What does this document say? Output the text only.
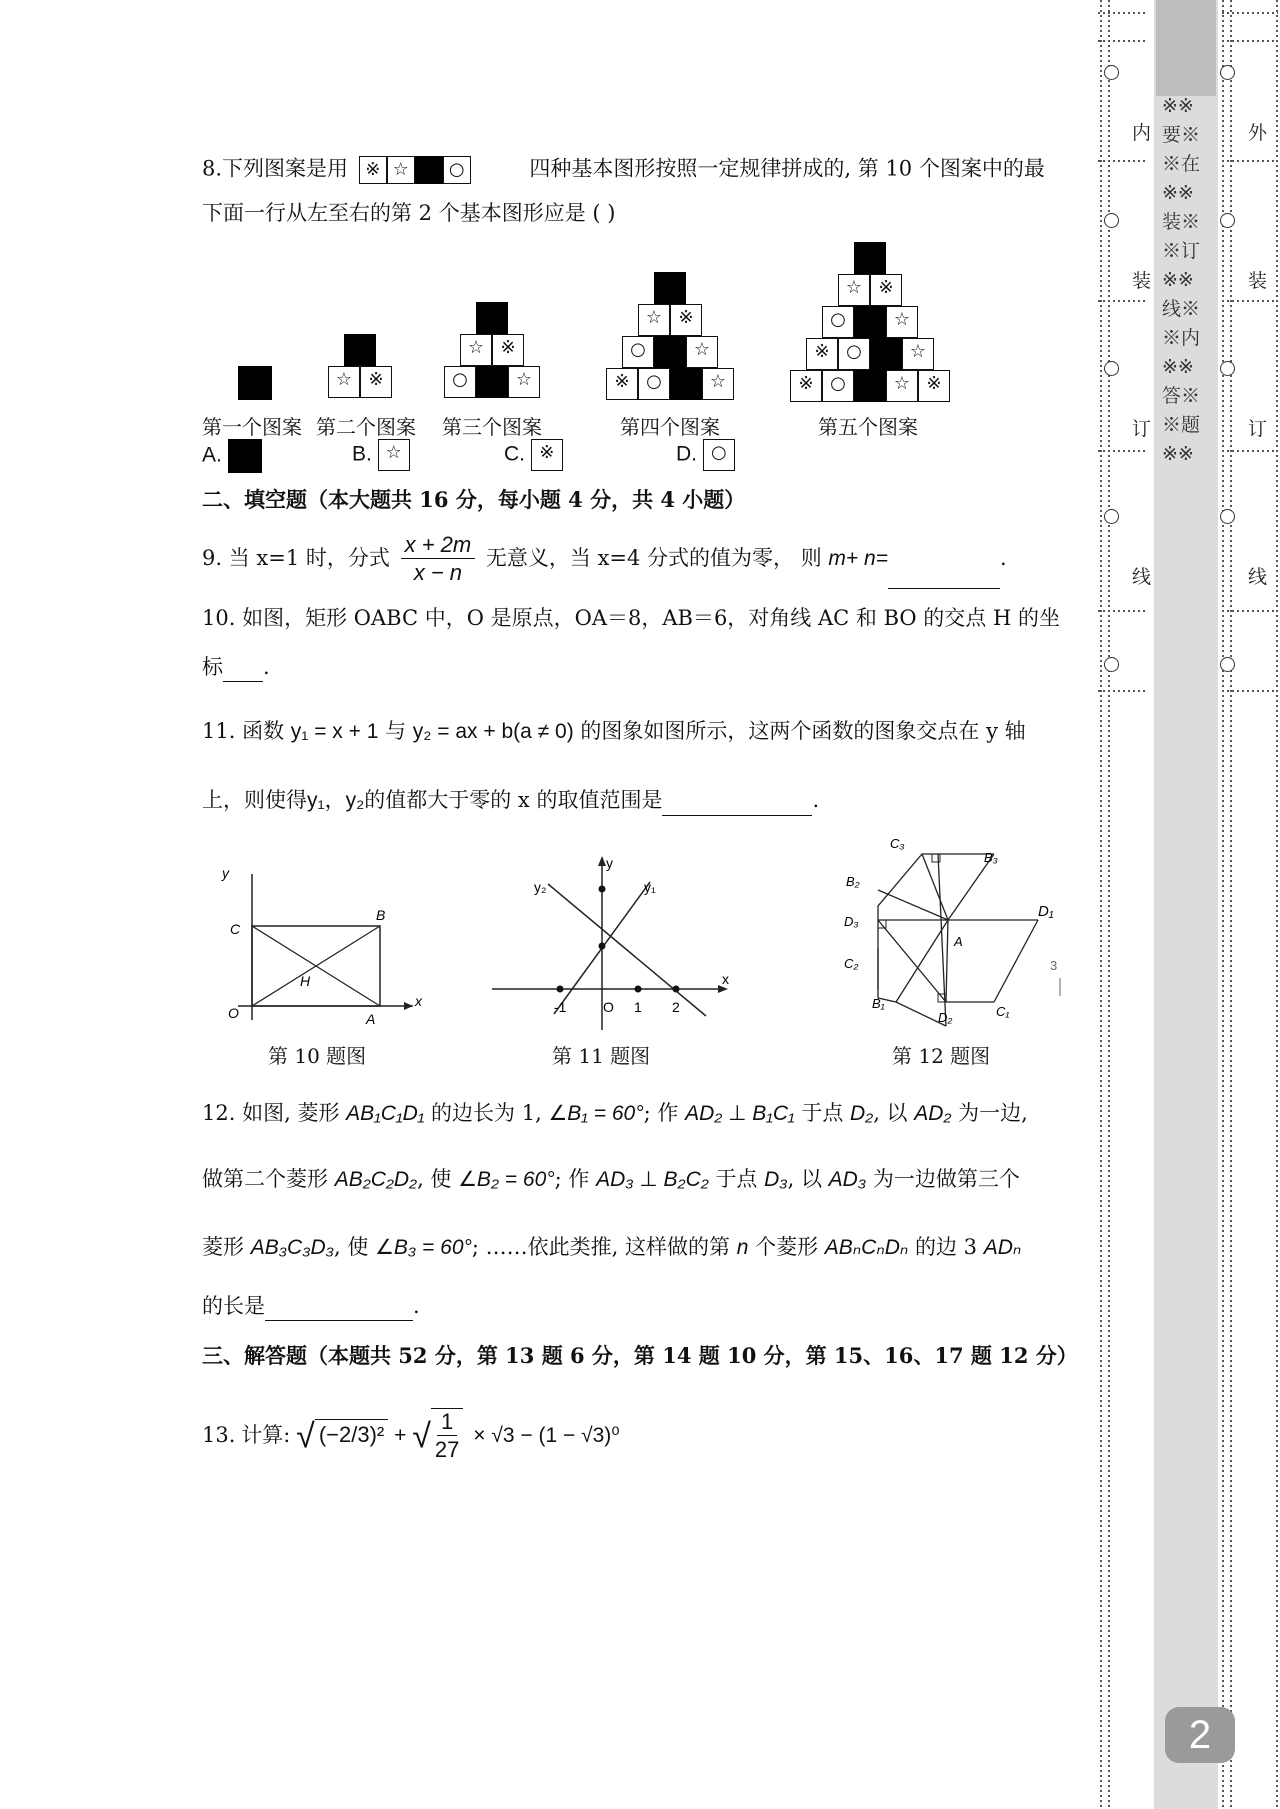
8.下列图案是用 ※ ☆	○	四种基本图形按照一定规律拼成的, 第 10 个图案中的最
下面一行从左至右的第 2 个基本图形应是 ( )
☆ ※
☆ ※
○	☆
☆ ※
○	☆
※ ○	☆
☆ ※
○	☆
※ ○	☆
※ ○	☆ ※
第一个图案 第二个图案 第三个图案	第四个图案	第五个图案
A.	B. ☆	C. ※	D. ○
二、填空题（本大题共 16 分，每小题 4 分，共 4 小题）
9. 当 x=1 时，分式 $\frac{x + 2m}{x - n}$ 无意义，当 x=4 分式的值为零， 则 m+ n=	.
10. 如图，矩形 OABC 中，O 是原点，OA＝8，AB＝6，对角线 AC 和 BO 的交点 H 的坐
标 .
11. 函数 y₁ = x + 1 与 y₂ = ax + b(a ≠ 0) 的图象如图所示，这两个函数的图象交点在 y 轴
上，则使得y₁，y₂的值都大于零的 x 的取值范围是	.
y
x
O	A
B
C
H
第 10 题图
y
x
y₁
y₂
-1	O 1 2
第 11 题图
C₃
B₃
B₂
D₃
D₁
A
C₂
B₁
D₂	C₁
3
第 12 题图
12. 如图, 菱形 AB₁C₁D₁ 的边长为 1, ∠B₁ = 60°; 作 AD₂ ⊥ B₁C₁ 于点 D₂, 以 AD₂ 为一边,
做第二个菱形 AB₂C₂D₂, 使 ∠B₂ = 60°; 作 AD₃ ⊥ B₂C₂ 于点 D₃, 以 AD₃ 为一边做第三个
菱形 AB₃C₃D₃, 使 ∠B₃ = 60°; ……依此类推, 这样做的第 n 个菱形 ABₙCₙDₙ 的边 3 ADₙ
的长是	.
三、解答题（本题共 52 分，第 13 题 6 分，第 14 题 10 分，第 15、16、17 题 12 分）
13. 计算: √ (−2/3)² + √ $\frac{1}{27} \times √3 - (1 - √3)^0$
内
装
订
线
外
装
订
线
※※
要※
※在
※※
装※
※订
※※
线※
※内
※※
答※
※题
※※
2
